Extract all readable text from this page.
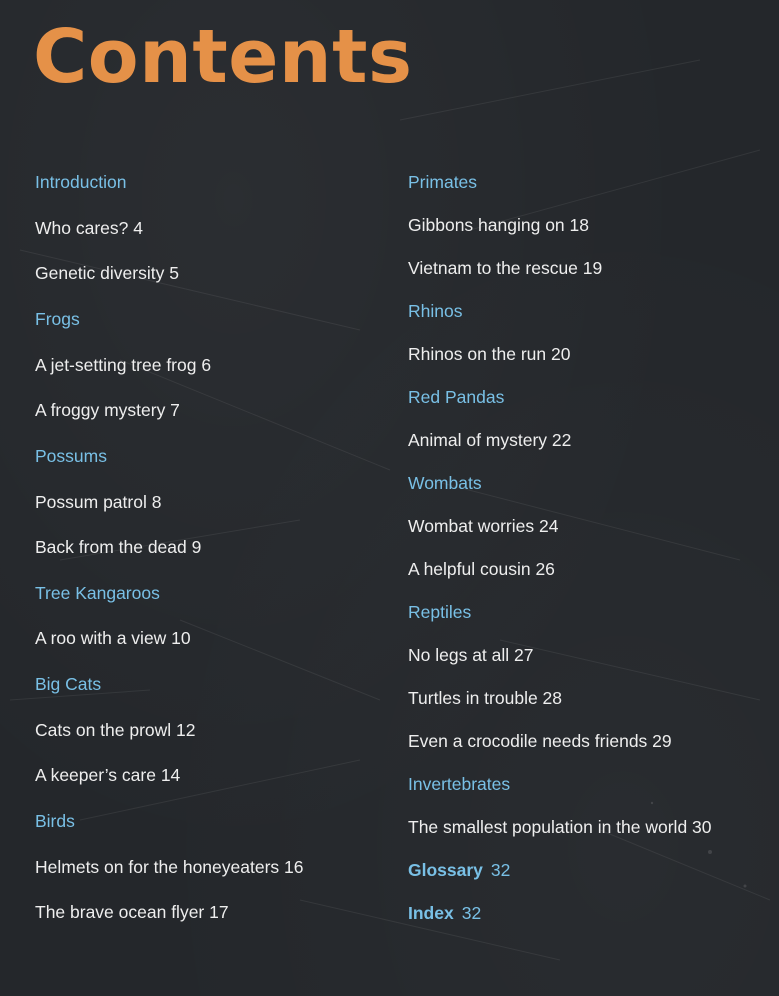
Contents
Introduction
Who cares? 4
Genetic diversity 5
Frogs
A jet-setting tree frog 6
A froggy mystery 7
Possums
Possum patrol 8
Back from the dead 9
Tree Kangaroos
A roo with a view 10
Big Cats
Cats on the prowl 12
A keeper’s care 14
Birds
Helmets on for the honeyeaters 16
The brave ocean flyer 17
Primates
Gibbons hanging on 18
Vietnam to the rescue 19
Rhinos
Rhinos on the run 20
Red Pandas
Animal of mystery 22
Wombats
Wombat worries 24
A helpful cousin 26
Reptiles
No legs at all 27
Turtles in trouble 28
Even a crocodile needs friends 29
Invertebrates
The smallest population in the world 30
Glossary 32
Index 32
